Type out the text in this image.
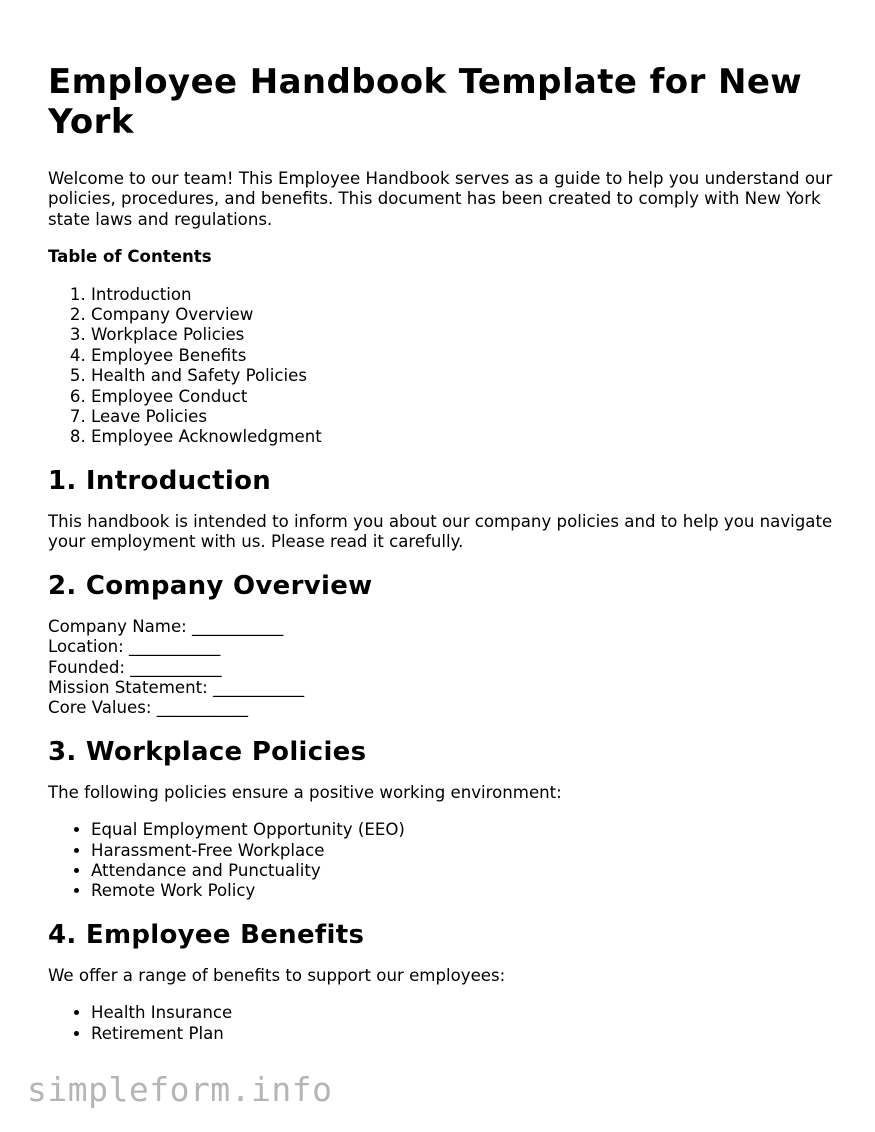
Employee Handbook Template for New York

Welcome to our team! This Employee Handbook serves as a guide to help you understand our policies, procedures, and benefits. This document has been created to comply with New York state laws and regulations.

Table of Contents
1. Introduction
2. Company Overview
3. Workplace Policies
4. Employee Benefits
5. Health and Safety Policies
6. Employee Conduct
7. Leave Policies
8. Employee Acknowledgment
1. Introduction

This handbook is intended to inform you about our company policies and to help you navigate your employment with us. Please read it carefully.

2. Company Overview
Company Name: ___________
Location: ___________
Founded: ___________
Mission Statement: ___________
Core Values: ___________
3. Workplace Policies

The following policies ensure a positive working environment:

• Equal Employment Opportunity (EEO)
• Harassment-Free Workplace
• Attendance and Punctuality
• Remote Work Policy
4. Employee Benefits

We offer a range of benefits to support our employees:

• Health Insurance
• Retirement Plan
simpleform.info
